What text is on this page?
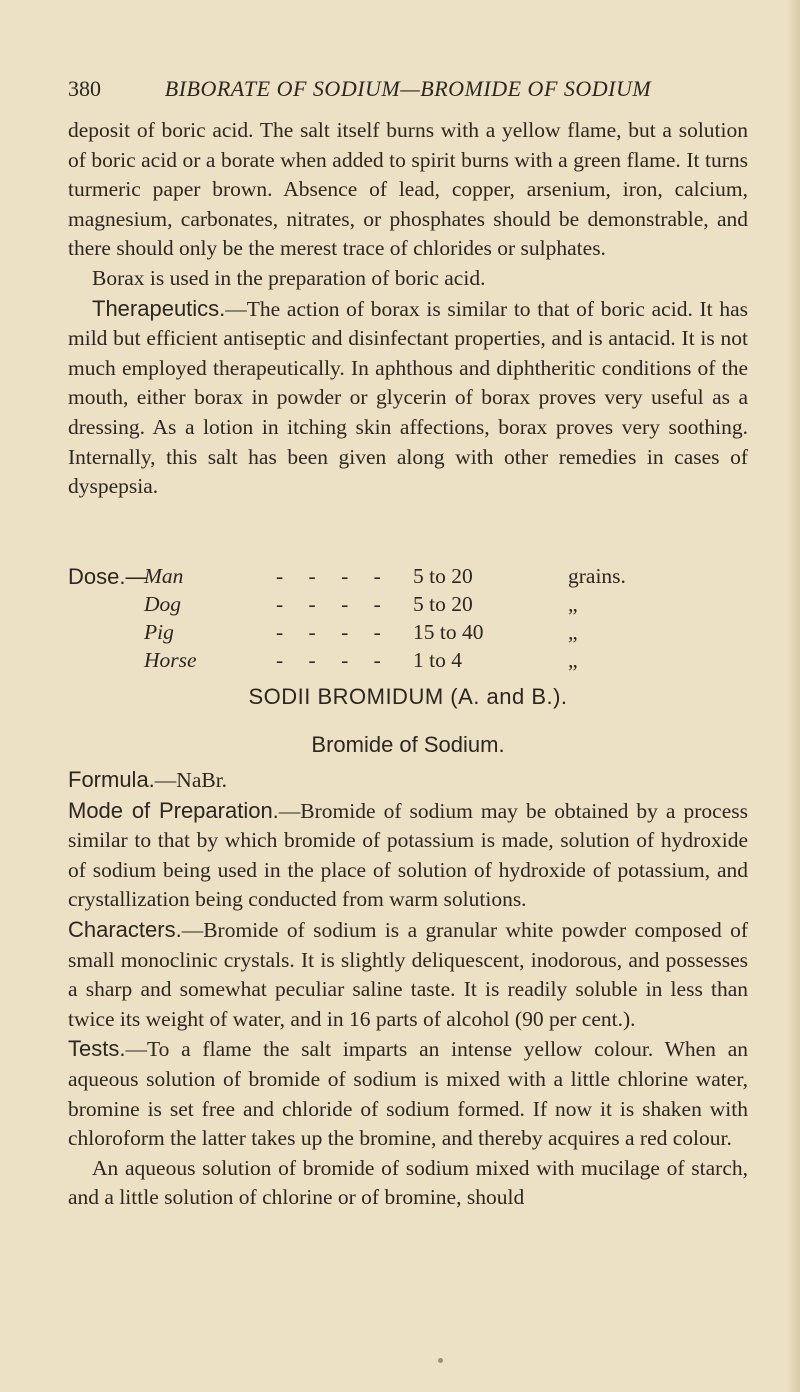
380	BIBORATE OF SODIUM—BROMIDE OF SODIUM

deposit of boric acid. The salt itself burns with a yellow flame, but a solution of boric acid or a borate when added to spirit burns with a green flame. It turns turmeric paper brown. Absence of lead, copper, arsenium, iron, calcium, magnesium, carbonates, nitrates, or phosphates should be demonstrable, and there should only be the merest trace of chlorides or sulphates.

Borax is used in the preparation of boric acid.

Therapeutics.—The action of borax is similar to that of boric acid. It has mild but efficient antiseptic and disinfectant properties, and is antacid. It is not much employed therapeutically. In aphthous and diphtheritic conditions of the mouth, either borax in powder or glycerin of borax proves very useful as a dressing. As a lotion in itching skin affections, borax proves very soothing. Internally, this salt has been given along with other remedies in cases of dyspepsia.

Dose.—
Man	- - - - 5 to 20	grains.
Dog	- - - - 5 to 20	„
Pig	- - - - 15 to 40	„
Horse	- - - - 1 to 4	„
SODII BROMIDUM (A. and B.).
Bromide of Sodium.

Formula.—NaBr.

Mode of Preparation.—Bromide of sodium may be obtained by a process similar to that by which bromide of potassium is made, solution of hydroxide of sodium being used in the place of solution of hydroxide of potassium, and crystallization being conducted from warm solutions.

Characters.—Bromide of sodium is a granular white powder composed of small monoclinic crystals. It is slightly deliquescent, inodorous, and possesses a sharp and somewhat peculiar saline taste. It is readily soluble in less than twice its weight of water, and in 16 parts of alcohol (90 per cent.).

Tests.—To a flame the salt imparts an intense yellow colour. When an aqueous solution of bromide of sodium is mixed with a little chlorine water, bromine is set free and chloride of sodium formed. If now it is shaken with chloroform the latter takes up the bromine, and thereby acquires a red colour.

An aqueous solution of bromide of sodium mixed with mucilage of starch, and a little solution of chlorine or of bromine, should
